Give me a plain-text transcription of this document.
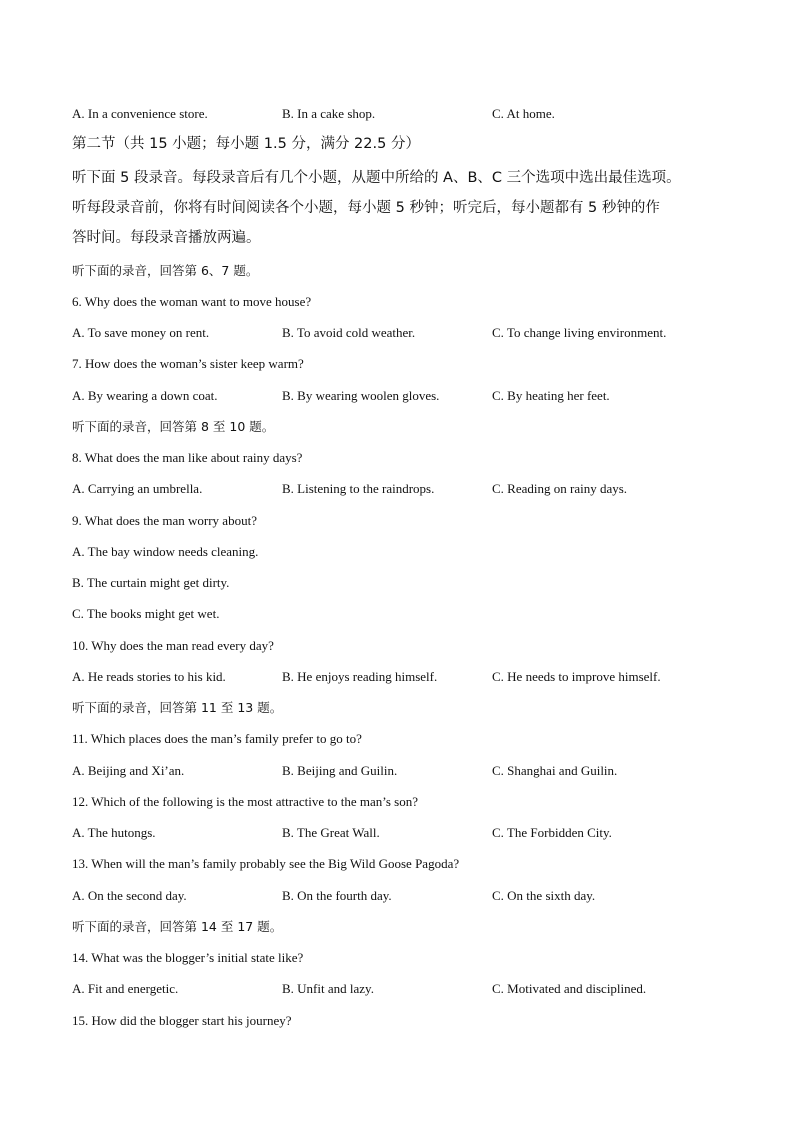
A. In a convenience store.	B. In a cake shop.	C. At home.
第二节（共 15 小题；每小题 1.5 分，满分 22.5 分）
听下面 5 段录音。每段录音后有几个小题，从题中所给的 A、B、C 三个选项中选出最佳选项。
听每段录音前，你将有时间阅读各个小题，每小题 5 秒钟；听完后，每小题都有 5 秒钟的作
答时间。每段录音播放两遍。
听下面的录音，回答第 6、7 题。
6. Why does the woman want to move house?
A. To save money on rent.	B. To avoid cold weather.	C. To change living environment.
7. How does the woman’s sister keep warm?
A. By wearing a down coat.	B. By wearing woolen gloves.	C. By heating her feet.
听下面的录音，回答第 8 至 10 题。
8. What does the man like about rainy days?
A. Carrying an umbrella.	B. Listening to the raindrops.	C. Reading on rainy days.
9. What does the man worry about?
A. The bay window needs cleaning.
B. The curtain might get dirty.
C. The books might get wet.
10. Why does the man read every day?
A. He reads stories to his kid.	B. He enjoys reading himself.	C. He needs to improve himself.
听下面的录音，回答第 11 至 13 题。
11. Which places does the man’s family prefer to go to?
A. Beijing and Xi’an.	B. Beijing and Guilin.	C. Shanghai and Guilin.
12. Which of the following is the most attractive to the man’s son?
A. The hutongs.	B. The Great Wall.	C. The Forbidden City.
13. When will the man’s family probably see the Big Wild Goose Pagoda?
A. On the second day.	B. On the fourth day.	C. On the sixth day.
听下面的录音，回答第 14 至 17 题。
14. What was the blogger’s initial state like?
A. Fit and energetic.	B. Unfit and lazy.	C. Motivated and disciplined.
15. How did the blogger start his journey?
